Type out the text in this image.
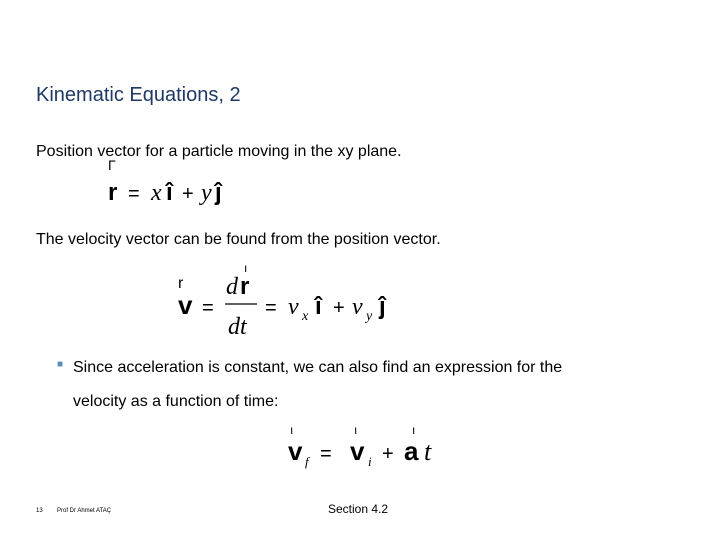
Kinematic Equations, 2
Position vector for a particle moving in the xy plane.
Γ
r = x î + y ĵ
The velocity vector can be found from the position vector.
r
v =
ı
d r
dt
= v x î + v y ĵ
■ Since acceleration is constant, we can also find an expression for the
velocity as a function of time:
ı
v f =
ı
v i +
ı
a t
13 Prof Dr Ahmet ATAÇ	Section 4.2
